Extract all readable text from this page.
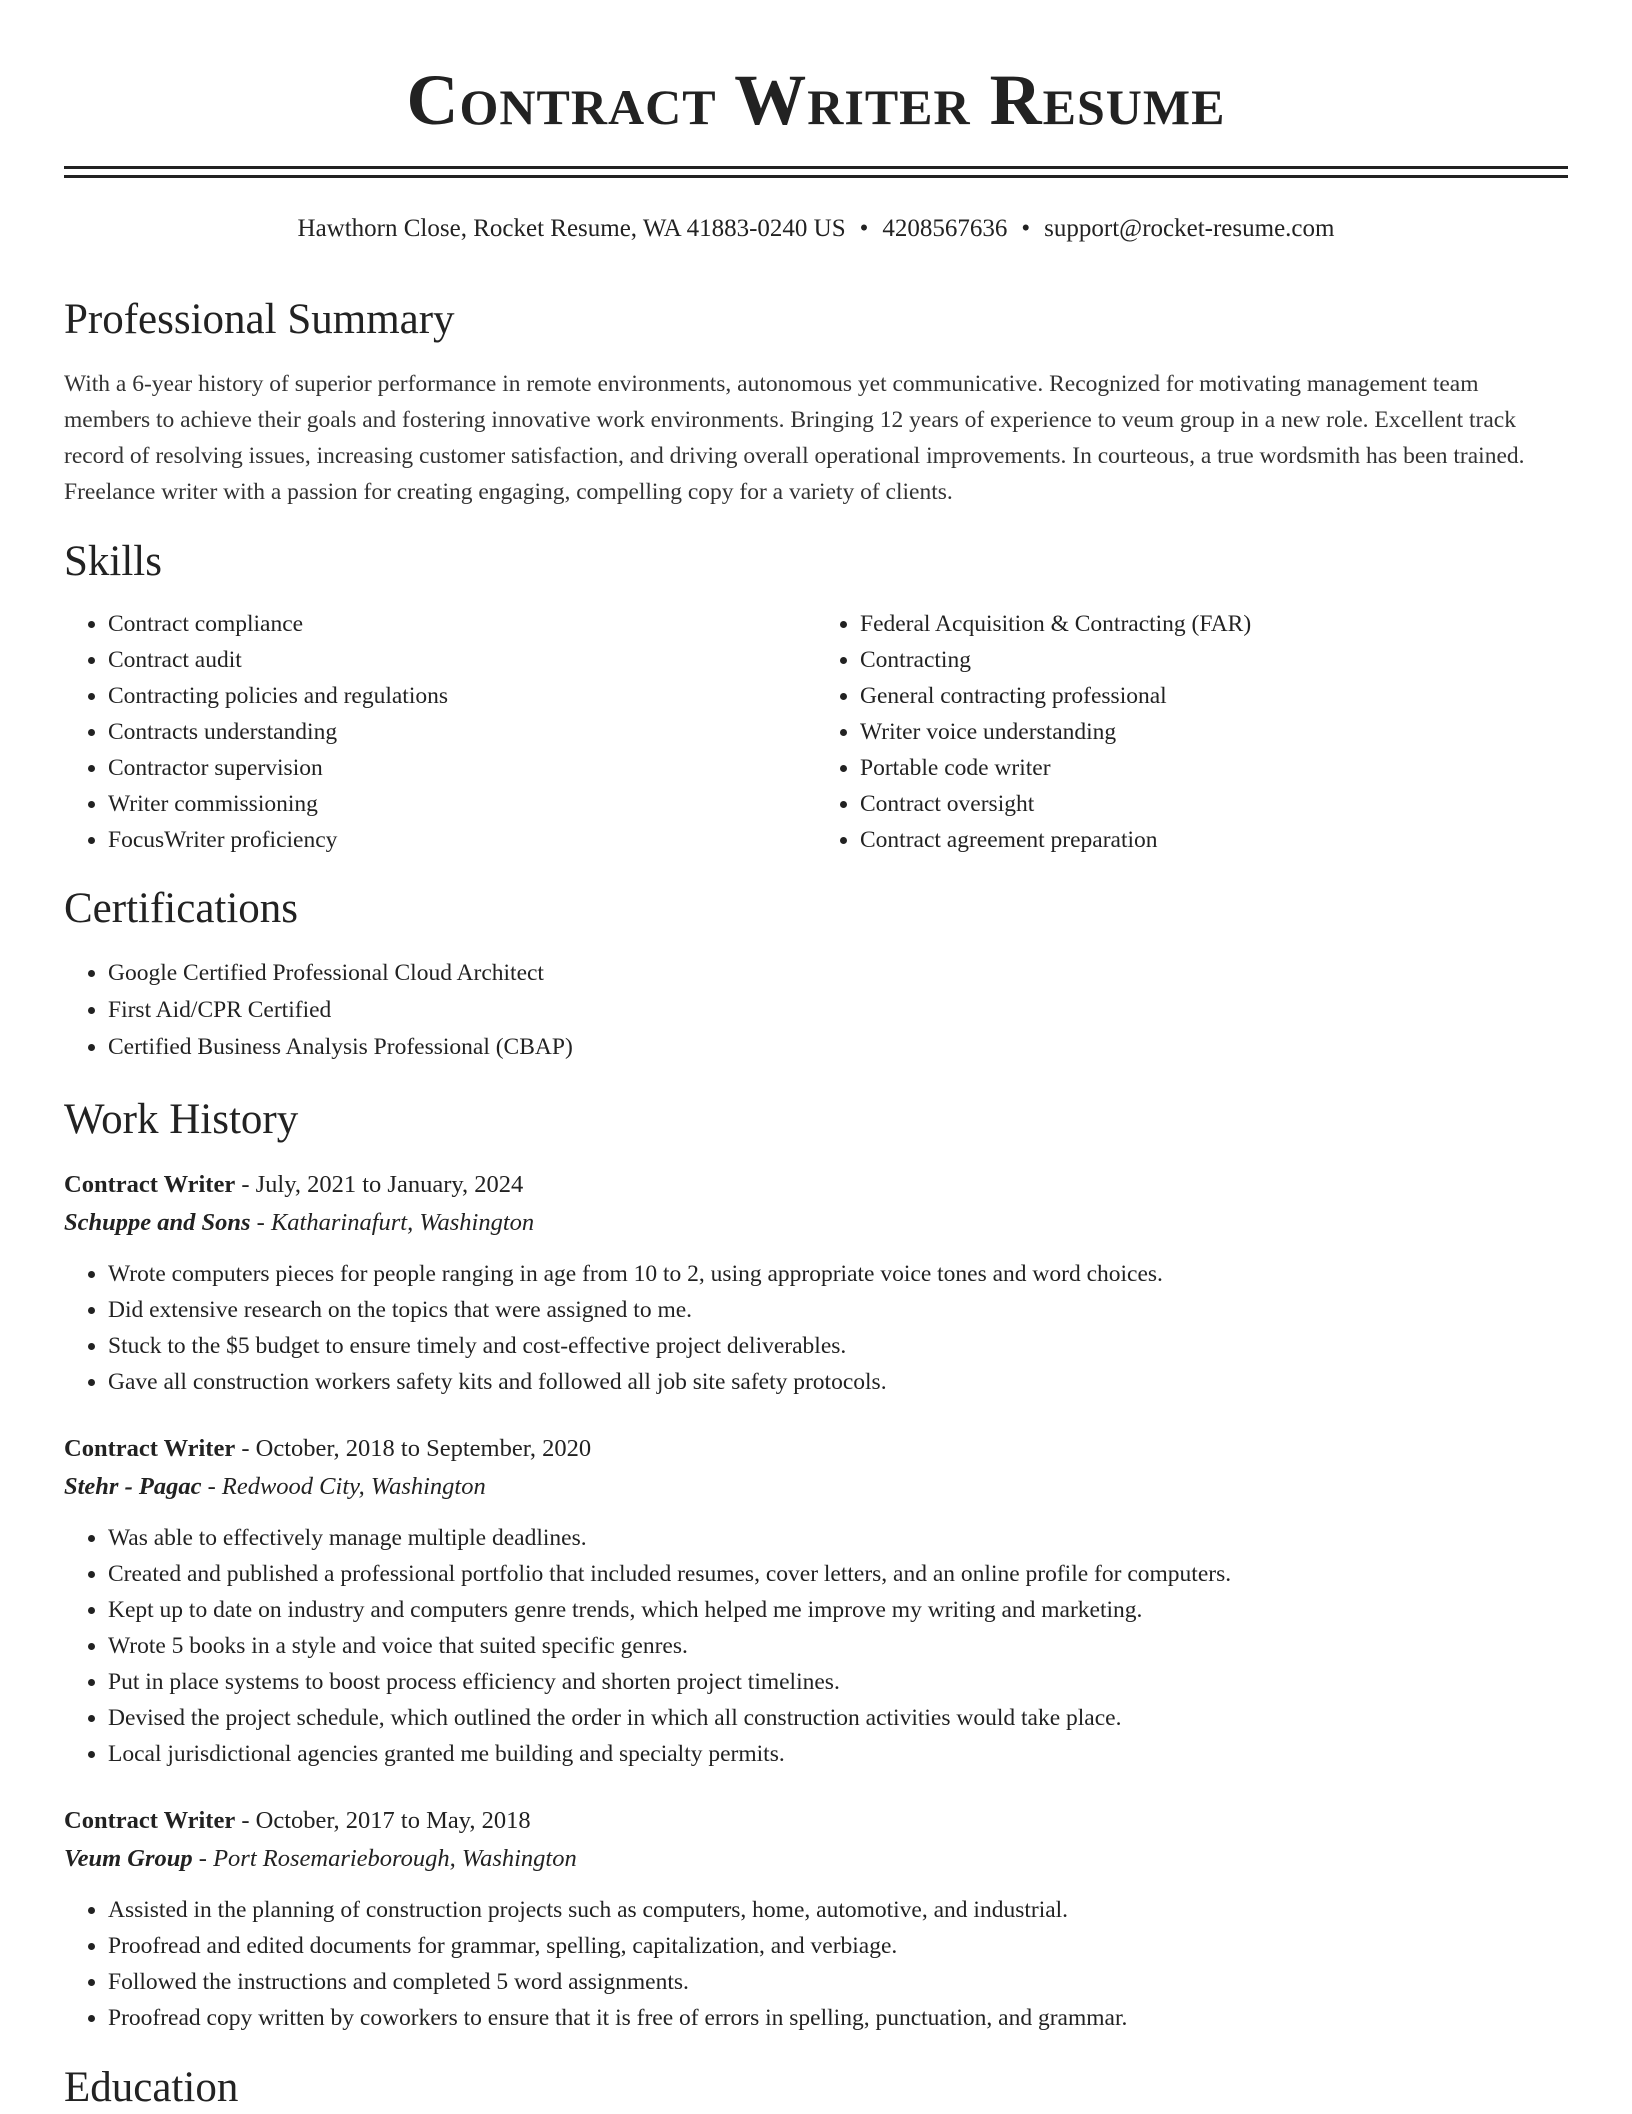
Contract Writer Resume
Hawthorn Close, Rocket Resume, WA 41883-0240 US • 4208567636 • support@rocket-resume.com
Professional Summary
With a 6-year history of superior performance in remote environments, autonomous yet communicative. Recognized for motivating management team members to achieve their goals and fostering innovative work environments. Bringing 12 years of experience to veum group in a new role. Excellent track record of resolving issues, increasing customer satisfaction, and driving overall operational improvements. In courteous, a true wordsmith has been trained. Freelance writer with a passion for creating engaging, compelling copy for a variety of clients.
Skills
• Contract compliance
• Contract audit
• Contracting policies and regulations
• Contracts understanding
• Contractor supervision
• Writer commissioning
• FocusWriter proficiency
• Federal Acquisition & Contracting (FAR)
• Contracting
• General contracting professional
• Writer voice understanding
• Portable code writer
• Contract oversight
• Contract agreement preparation
Certifications
• Google Certified Professional Cloud Architect
• First Aid/CPR Certified
• Certified Business Analysis Professional (CBAP)
Work History
Contract Writer - July, 2021 to January, 2024
Schuppe and Sons - Katharinafurt, Washington
• Wrote computers pieces for people ranging in age from 10 to 2, using appropriate voice tones and word choices.
• Did extensive research on the topics that were assigned to me.
• Stuck to the $5 budget to ensure timely and cost-effective project deliverables.
• Gave all construction workers safety kits and followed all job site safety protocols.
Contract Writer - October, 2018 to September, 2020
Stehr - Pagac - Redwood City, Washington
• Was able to effectively manage multiple deadlines.
• Created and published a professional portfolio that included resumes, cover letters, and an online profile for computers.
• Kept up to date on industry and computers genre trends, which helped me improve my writing and marketing.
• Wrote 5 books in a style and voice that suited specific genres.
• Put in place systems to boost process efficiency and shorten project timelines.
• Devised the project schedule, which outlined the order in which all construction activities would take place.
• Local jurisdictional agencies granted me building and specialty permits.
Contract Writer - October, 2017 to May, 2018
Veum Group - Port Rosemarieborough, Washington
• Assisted in the planning of construction projects such as computers, home, automotive, and industrial.
• Proofread and edited documents for grammar, spelling, capitalization, and verbiage.
• Followed the instructions and completed 5 word assignments.
• Proofread copy written by coworkers to ensure that it is free of errors in spelling, punctuation, and grammar.
Education
